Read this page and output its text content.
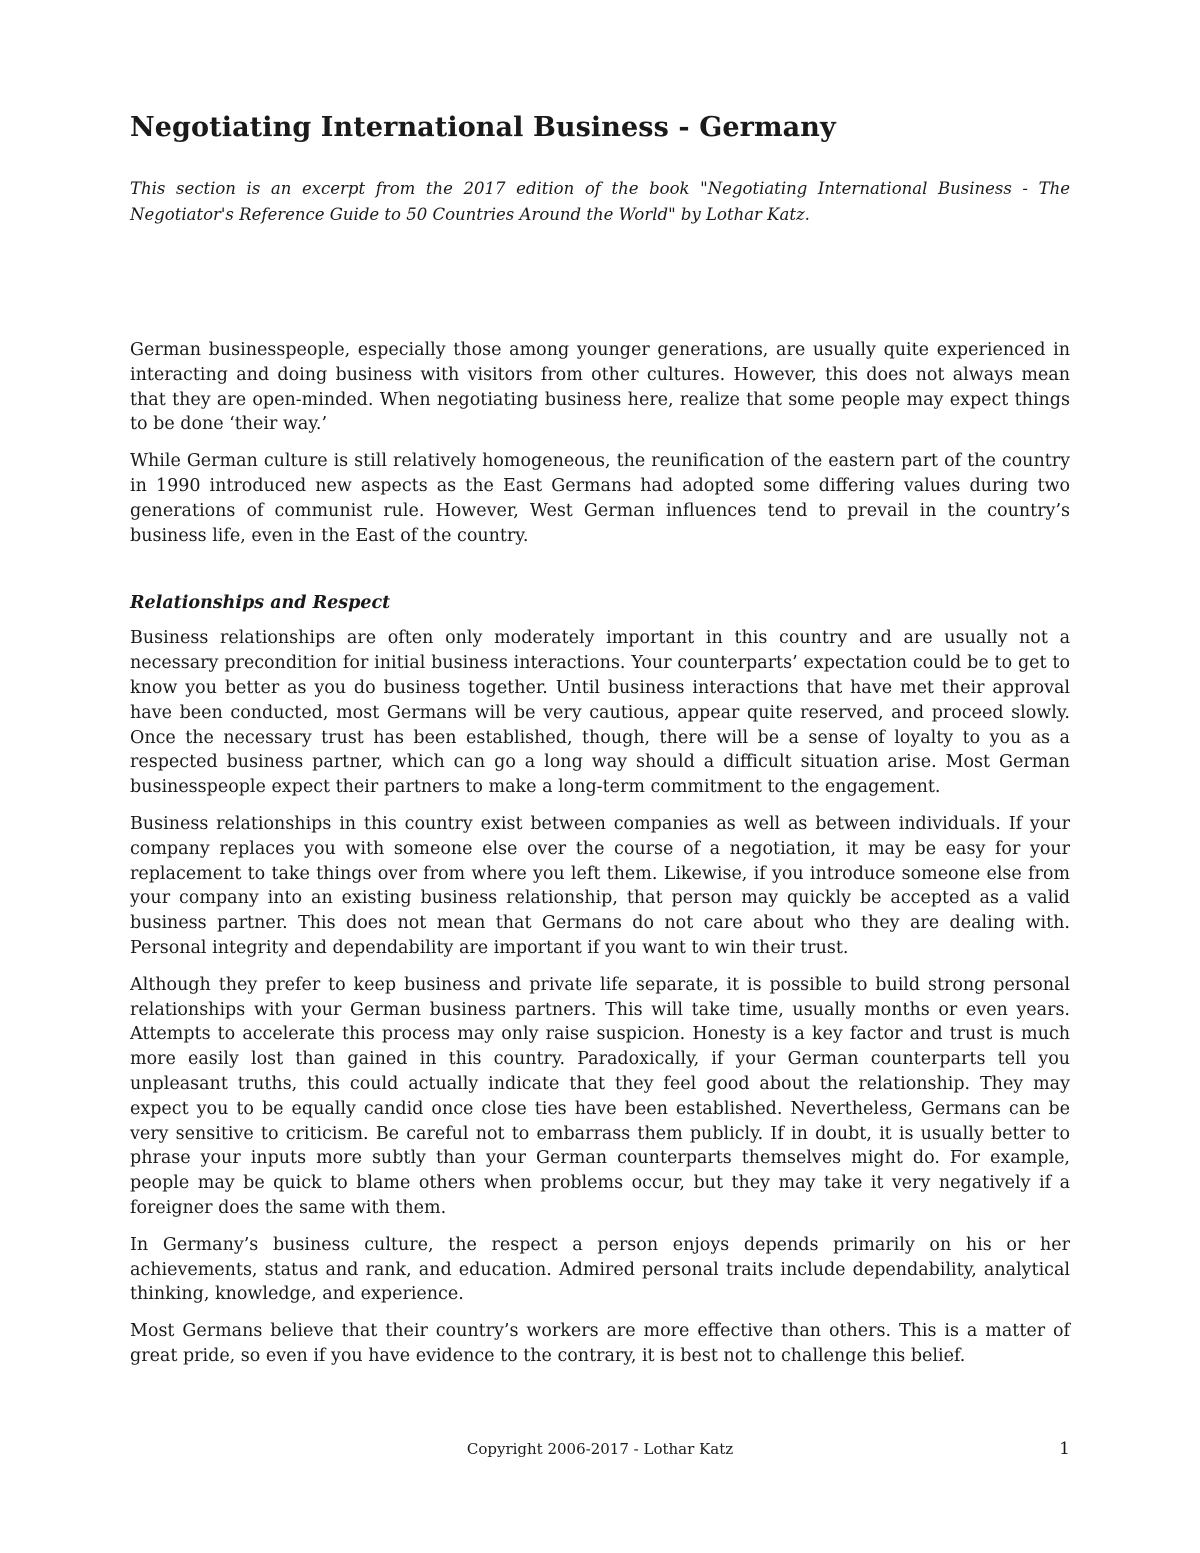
Negotiating International Business - Germany

This section is an excerpt from the 2017 edition of the book "Negotiating International Business - The Negotiator's Reference Guide to 50 Countries Around the World" by Lothar Katz.

German businesspeople, especially those among younger generations, are usually quite experienced in interacting and doing business with visitors from other cultures. However, this does not always mean that they are open-minded. When negotiating business here, realize that some people may expect things to be done ‘their way.’

While German culture is still relatively homogeneous, the reunification of the eastern part of the country in 1990 introduced new aspects as the East Germans had adopted some differing values during two generations of communist rule. However, West German influences tend to prevail in the country’s business life, even in the East of the country.

Relationships and Respect

Business relationships are often only moderately important in this country and are usually not a necessary precondition for initial business interactions. Your counterparts’ expectation could be to get to know you better as you do business together. Until business interactions that have met their approval have been conducted, most Germans will be very cautious, appear quite reserved, and proceed slowly. Once the necessary trust has been established, though, there will be a sense of loyalty to you as a respected business partner, which can go a long way should a difficult situation arise. Most German businesspeople expect their partners to make a long-term commitment to the engagement.

Business relationships in this country exist between companies as well as between individuals. If your company replaces you with someone else over the course of a negotiation, it may be easy for your replacement to take things over from where you left them. Likewise, if you introduce someone else from your company into an existing business relationship, that person may quickly be accepted as a valid business partner. This does not mean that Germans do not care about who they are dealing with. Personal integrity and dependability are important if you want to win their trust.

Although they prefer to keep business and private life separate, it is possible to build strong personal relationships with your German business partners. This will take time, usually months or even years. Attempts to accelerate this process may only raise suspicion. Honesty is a key factor and trust is much more easily lost than gained in this country. Paradoxically, if your German counterparts tell you unpleasant truths, this could actually indicate that they feel good about the relationship. They may expect you to be equally candid once close ties have been established. Nevertheless, Germans can be very sensitive to criticism. Be careful not to embarrass them publicly. If in doubt, it is usually better to phrase your inputs more subtly than your German counterparts themselves might do. For example, people may be quick to blame others when problems occur, but they may take it very negatively if a foreigner does the same with them.

In Germany’s business culture, the respect a person enjoys depends primarily on his or her achievements, status and rank, and education. Admired personal traits include dependability, analytical thinking, knowledge, and experience.

Most Germans believe that their country’s workers are more effective than others. This is a matter of great pride, so even if you have evidence to the contrary, it is best not to challenge this belief.

Copyright 2006-2017 - Lothar Katz	1
